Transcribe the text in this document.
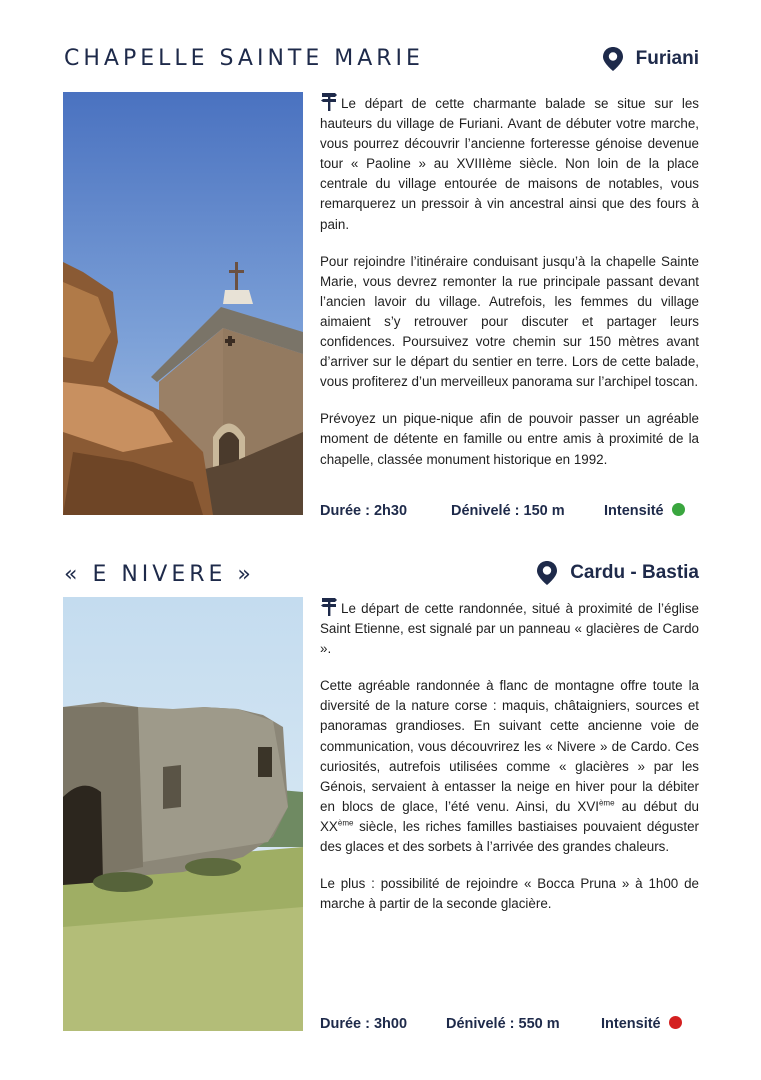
CHAPELLE SAINTE MARIE	Furiani

Le départ de cette charmante balade se situe sur les hauteurs du village de Furiani. Avant de débuter votre marche, vous pourrez découvrir l’ancienne forteresse génoise devenue tour « Paoline » au XVIIIème siècle. Non loin de la place centrale du village entourée de maisons de notables, vous remarquerez un pressoir à vin ancestral ainsi que des fours à pain.

Pour rejoindre l’itinéraire conduisant jusqu’à la chapelle Sainte Marie, vous devrez remonter la rue principale passant devant l’ancien lavoir du village. Autrefois, les femmes du village aimaient s’y retrouver pour discuter et partager leurs confidences. Poursuivez votre chemin sur 150 mètres avant d’arriver sur le départ du sentier en terre. Lors de cette balade, vous profiterez d’un merveilleux panorama sur l’archipel toscan.

Prévoyez un pique-nique afin de pouvoir passer un agréable moment de détente en famille ou entre amis à proximité de la chapelle, classée monument historique en 1992.

Durée : 2h30	Dénivelé : 150 m	Intensité
« E NIVERE »	Cardu - Bastia

Le départ de cette randonnée, situé à proximité de l’église Saint Etienne, est signalé par un panneau « glacières de Cardo ».

Cette agréable randonnée à flanc de montagne offre toute la diversité de la nature corse : maquis, châtaigniers, sources et panoramas grandioses. En suivant cette ancienne voie de communication, vous découvrirez les « Nivere » de Cardo. Ces curiosités, autrefois utilisées comme « glacières » par les Génois, servaient à entasser la neige en hiver pour la débiter en blocs de glace, l’été venu. Ainsi, du XVIème au début du XXème siècle, les riches familles bastiaises pouvaient déguster des glaces et des sorbets à l’arrivée des grandes chaleurs.

Le plus : possibilité de rejoindre « Bocca Pruna » à 1h00 de marche à partir de la seconde glacière.

Durée : 3h00	Dénivelé : 550 m	Intensité
